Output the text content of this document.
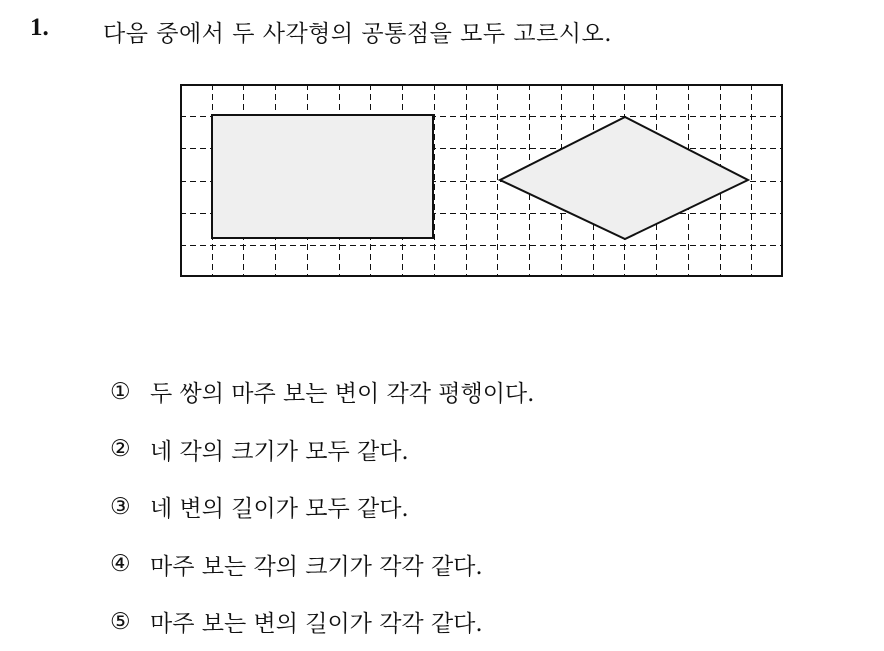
1. 다음 중에서 두 사각형의 공통점을 모두 고르시오.
① 두 쌍의 마주 보는 변이 각각 평행이다.
② 네 각의 크기가 모두 같다.
③ 네 변의 길이가 모두 같다.
④ 마주 보는 각의 크기가 각각 같다.
⑤ 마주 보는 변의 길이가 각각 같다.
